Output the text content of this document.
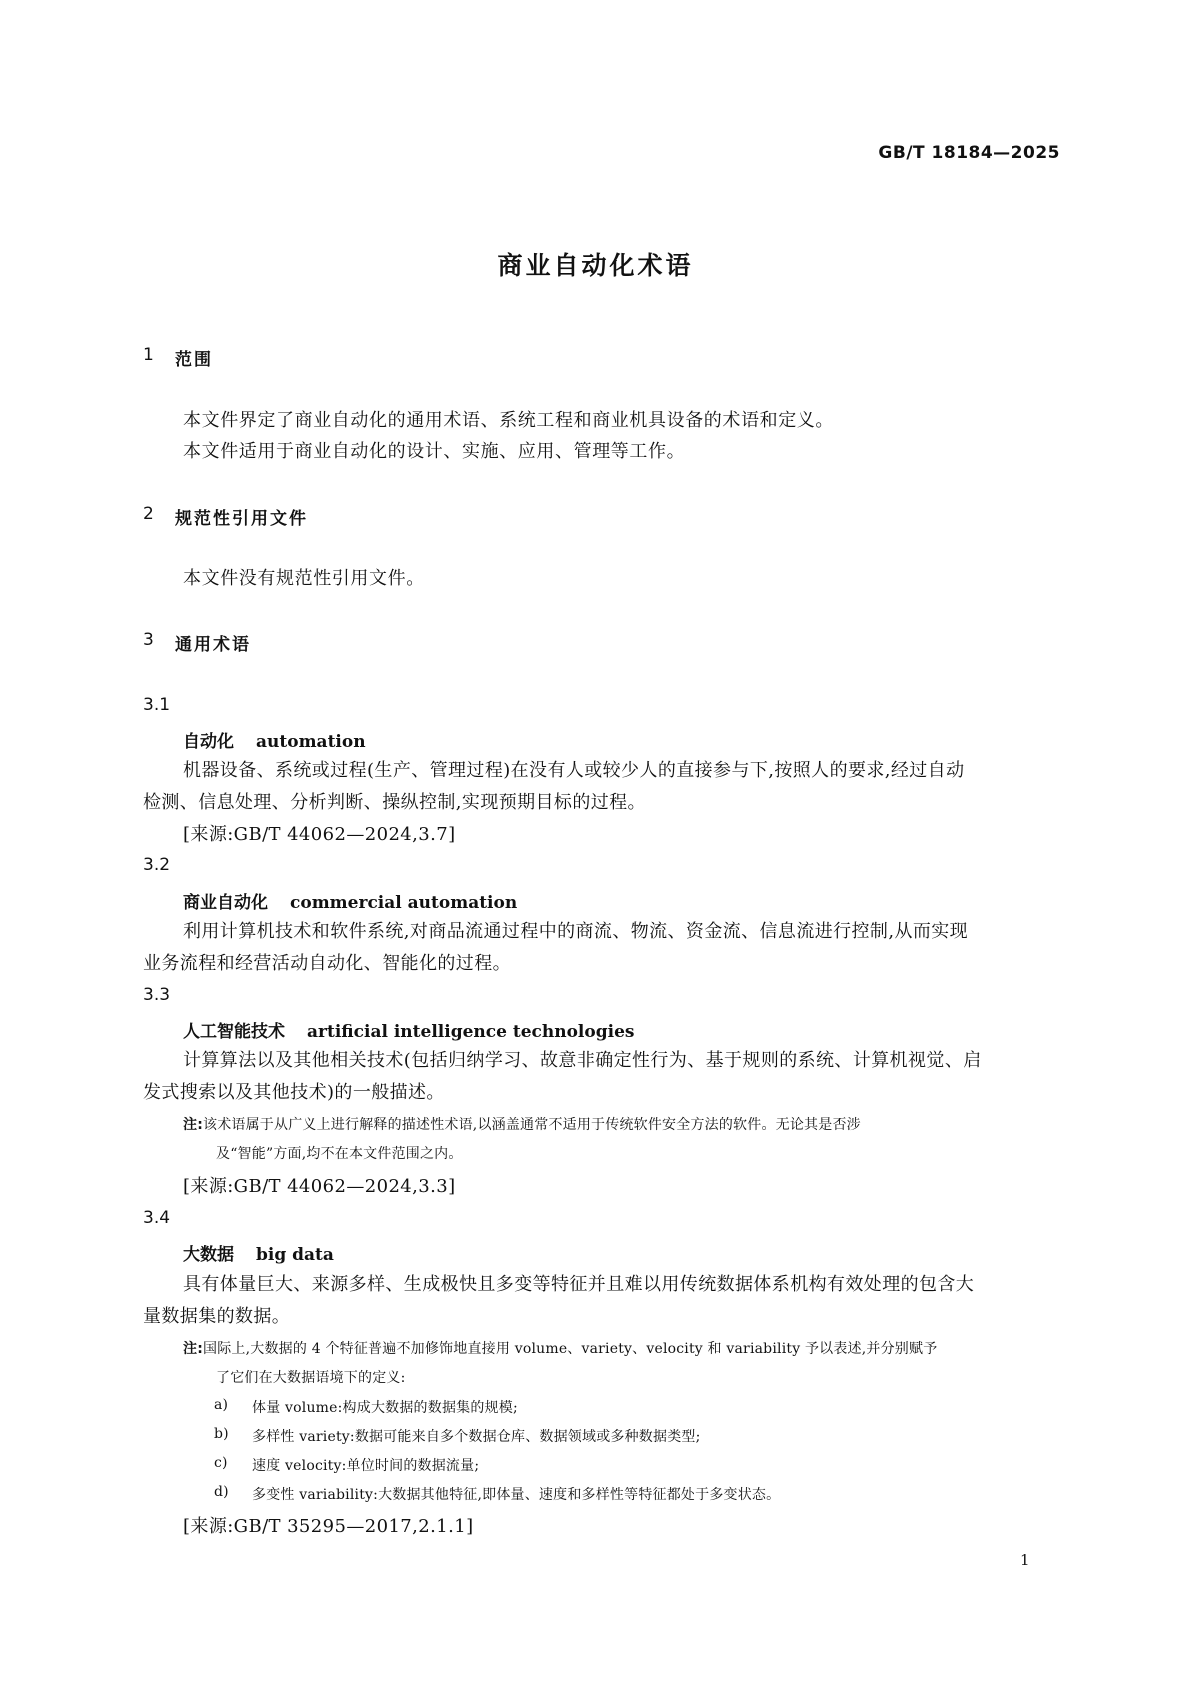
GB/T 18184—2025
商业自动化术语
1 范围
本文件界定了商业自动化的通用术语、系统工程和商业机具设备的术语和定义。
本文件适用于商业自动化的设计、实施、应用、管理等工作。
2 规范性引用文件
本文件没有规范性引用文件。
3 通用术语
3.1
自动化 automation
机器设备、系统或过程(生产、管理过程)在没有人或较少人的直接参与下,按照人的要求,经过自动
检测、信息处理、分析判断、操纵控制,实现预期目标的过程。
[来源:GB/T 44062—2024,3.7]
3.2
商业自动化 commercial automation
利用计算机技术和软件系统,对商品流通过程中的商流、物流、资金流、信息流进行控制,从而实现
业务流程和经营活动自动化、智能化的过程。
3.3
人工智能技术 artificial intelligence technologies
计算算法以及其他相关技术(包括归纳学习、故意非确定性行为、基于规则的系统、计算机视觉、启
发式搜索以及其他技术)的一般描述。
注:该术语属于从广义上进行解释的描述性术语,以涵盖通常不适用于传统软件安全方法的软件。无论其是否涉
及“智能”方面,均不在本文件范围之内。
[来源:GB/T 44062—2024,3.3]
3.4
大数据 big data
具有体量巨大、来源多样、生成极快且多变等特征并且难以用传统数据体系机构有效处理的包含大
量数据集的数据。
注:国际上,大数据的 4 个特征普遍不加修饰地直接用 volume、variety、velocity 和 variability 予以表述,并分别赋予
了它们在大数据语境下的定义:
a) 体量 volume:构成大数据的数据集的规模;
b) 多样性 variety:数据可能来自多个数据仓库、数据领域或多种数据类型;
c) 速度 velocity:单位时间的数据流量;
d) 多变性 variability:大数据其他特征,即体量、速度和多样性等特征都处于多变状态。
[来源:GB/T 35295—2017,2.1.1]
1
